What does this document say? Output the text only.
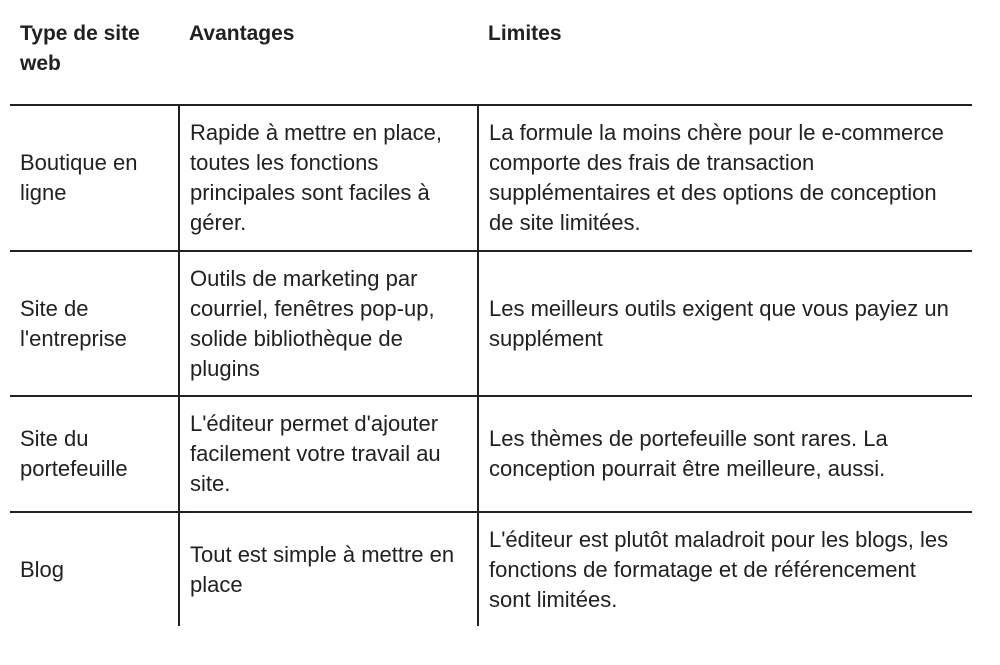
Type de site web	Avantages	Limites
Boutique en ligne	Rapide à mettre en place, toutes les fonctions principales sont faciles à gérer.	La formule la moins chère pour le e-commerce comporte des frais de transaction supplémentaires et des options de conception de site limitées.
Site de l'entreprise	Outils de marketing par courriel, fenêtres pop-up, solide bibliothèque de plugins	Les meilleurs outils exigent que vous payiez un supplément
Site du portefeuille	L'éditeur permet d'ajouter facilement votre travail au site.	Les thèmes de portefeuille sont rares. La conception pourrait être meilleure, aussi.
Blog	Tout est simple à mettre en place	L'éditeur est plutôt maladroit pour les blogs, les fonctions de formatage et de référencement sont limitées.
